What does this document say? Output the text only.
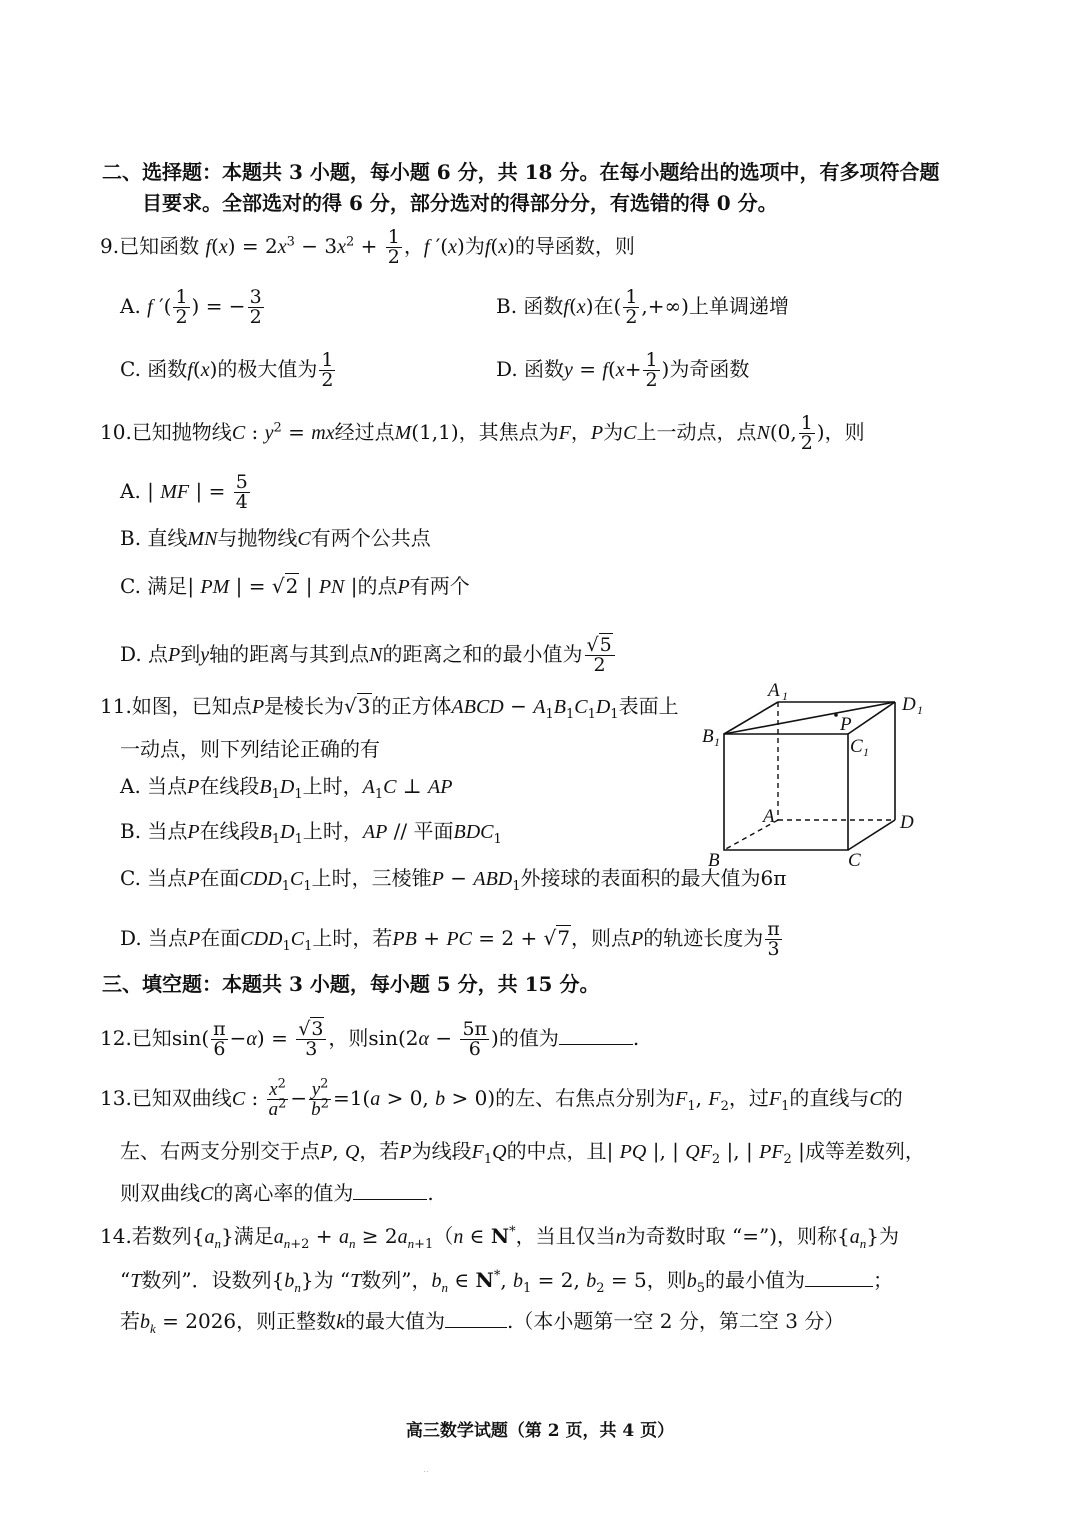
二、选择题：本题共 3 小题，每小题 6 分，共 18 分。在每小题给出的选项中，有多项符合题
目要求。全部选对的得 6 分，部分选对的得部分分，有选错的得 0 分。
9.已知函数 $f(x) = 2x^3 - 3x^2 + \frac{1}{2}$ ，f ′(x)为f(x)的导函数，则
A. f ′( $\frac{1}{2}$ ) = − $\frac{3}{2}$	B. 函数f(x)在( $\frac{1}{2}$ ,+∞)上单调递增
C. 函数f(x)的极大值为 $\frac{1}{2}$	D. 函数$y = f(x+ \frac{1}{2}$ )为奇函数
10.已知抛物线C : $y^2$ = mx经过点M(1,1)，其焦点为F，P为C上一动点，点N(0, $\frac{1}{2}$ )，则
A. | MF | = $\frac{5}{4}$
B. 直线MN与抛物线C有两个公共点
C. 满足| PM | = √2 | PN |的点P有两个
D. 点P到y轴的距离与其到点N的距离之和的最小值为 $\frac{√5}{2}$
11.如图，已知点P是棱长为√3的正方体ABCD − $A_1B_1C_1D_1$表面上
一动点，则下列结论正确的有
A. 当点P在线段$B_1D_1$上时，$A_1C$ ⊥ AP
B. 当点P在线段$B_1D_1$上时，AP // 平面$BDC_1$
C. 当点P在面$CDD_1C_1$上时，三棱锥$P - ABD_1$外接球的表面积的最大值为6π
D. 当点P在面$CDD_1C_1$上时，若PB + PC = 2 + √7，则点P的轨迹长度为 $\frac{\pi}{3}$
A 1	D 1
B 1	C 1
P
A	D
B	C
三、填空题：本题共 3 小题，每小题 5 分，共 15 分。
12.已知$\sin( \frac{\pi}{6} -\alpha) = \frac{√3}{3}$ ，则$\sin(2\alpha - \frac{5\pi}{6}$ )的值为	.
13.已知双曲线C : $\frac{x^2}{a^2} - \frac{y^2}{b^2} =1(a > 0$, b > 0)的左、右焦点分别为$F_1$, $F_2$，过$F_1$的直线与C的
左、右两支分别交于点P, Q，若P为线段$F_1Q$的中点，且| PQ |, | $QF_2$ |, | $PF_2$ |成等差数列，
则双曲线C的离心率的值为	.
14.若数列$\{a_n\}$满足$a_{n+2} + a_n \ge 2a_{n+1}(n$ ∈ N*，当且仅当n为奇数时取 “=”)，则称$\{a_n\}$为
“T数列”．设数列$\{b_n\}$为 “T数列”，$b_n$ ∈ N*, $b_1 = 2$, $b_2 = 5$，则$b_5$的最小值为	；
若$b_k = 2026$，则正整数k的最大值为	.（本小题第一空 2 分，第二空 3 分）
高三数学试题（第 2 页，共 4 页）
..
